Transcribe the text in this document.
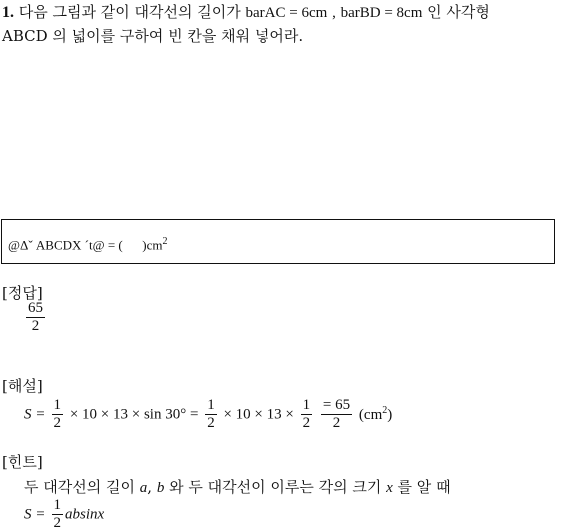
1. 다음 그림과 같이 대각선의 길이가 barAC = 6cm , barBD = 8cm 인 사각형
ABCD 의 넓이를 구하여 빈 칸을 채워 넣어라.
@Δˇ ABCDX ´t@ = ( )$cm^2$
[정답]
$\frac{65}{2}$
[해설]
$S = \frac{1}{2} \times 10 \times 13 \times \sin 30^\circ = \frac{1}{2} \times 10 \times 13 \times \frac{1}{2}$
$\frac{= 65}{2} (cm^2)$
[힌트]
두 대각선의 길이 a, b 와 두 대각선이 이루는 각의 크기 x 를 알 때
$S = \frac{1}{2}$ absinx
